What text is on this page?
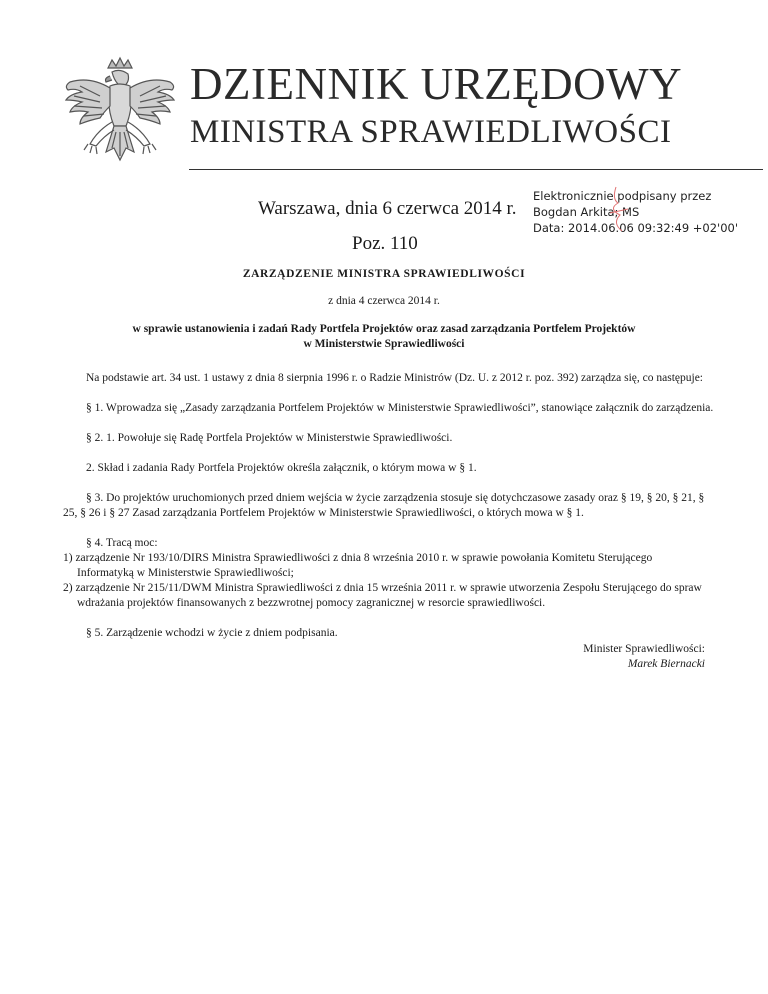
DZIENNIK URZĘDOWY
MINISTRA SPRAWIEDLIWOŚCI
Warszawa, dnia 6 czerwca 2014 r.
Poz. 110
Elektronicznie podpisany przez
Bogdan Arkita; MS
Data: 2014.06.06 09:32:49 +02'00'
ZARZĄDZENIE MINISTRA SPRAWIEDLIWOŚCI
z dnia 4 czerwca 2014 r.
w sprawie ustanowienia i zadań Rady Portfela Projektów oraz zasad zarządzania Portfelem Projektów
w Ministerstwie Sprawiedliwości
Na podstawie art. 34 ust. 1 ustawy z dnia 8 sierpnia 1996 r. o Radzie Ministrów (Dz. U. z 2012 r. poz. 392) zarządza się, co następuje:
§ 1. Wprowadza się „Zasady zarządzania Portfelem Projektów w Ministerstwie Sprawiedliwości”, stanowiące załącznik do zarządzenia.
§ 2. 1. Powołuje się Radę Portfela Projektów w Ministerstwie Sprawiedliwości.
2. Skład i zadania Rady Portfela Projektów określa załącznik, o którym mowa w § 1.
§ 3. Do projektów uruchomionych przed dniem wejścia w życie zarządzenia stosuje się dotychczasowe zasady oraz § 19, § 20, § 21, § 25, § 26 i § 27 Zasad zarządzania Portfelem Projektów w Ministerstwie Sprawiedliwości, o których mowa w § 1.
§ 4. Tracą moc:
1) zarządzenie Nr 193/10/DIRS Ministra Sprawiedliwości z dnia 8 września 2010 r. w sprawie powołania Komitetu Sterującego Informatyką w Ministerstwie Sprawiedliwości;
2) zarządzenie Nr 215/11/DWM Ministra Sprawiedliwości z dnia 15 września 2011 r. w sprawie utworzenia Zespołu Sterującego do spraw wdrażania projektów finansowanych z bezzwrotnej pomocy zagranicznej w resorcie sprawiedliwości.
§ 5. Zarządzenie wchodzi w życie z dniem podpisania.
Minister Sprawiedliwości:
Marek Biernacki
